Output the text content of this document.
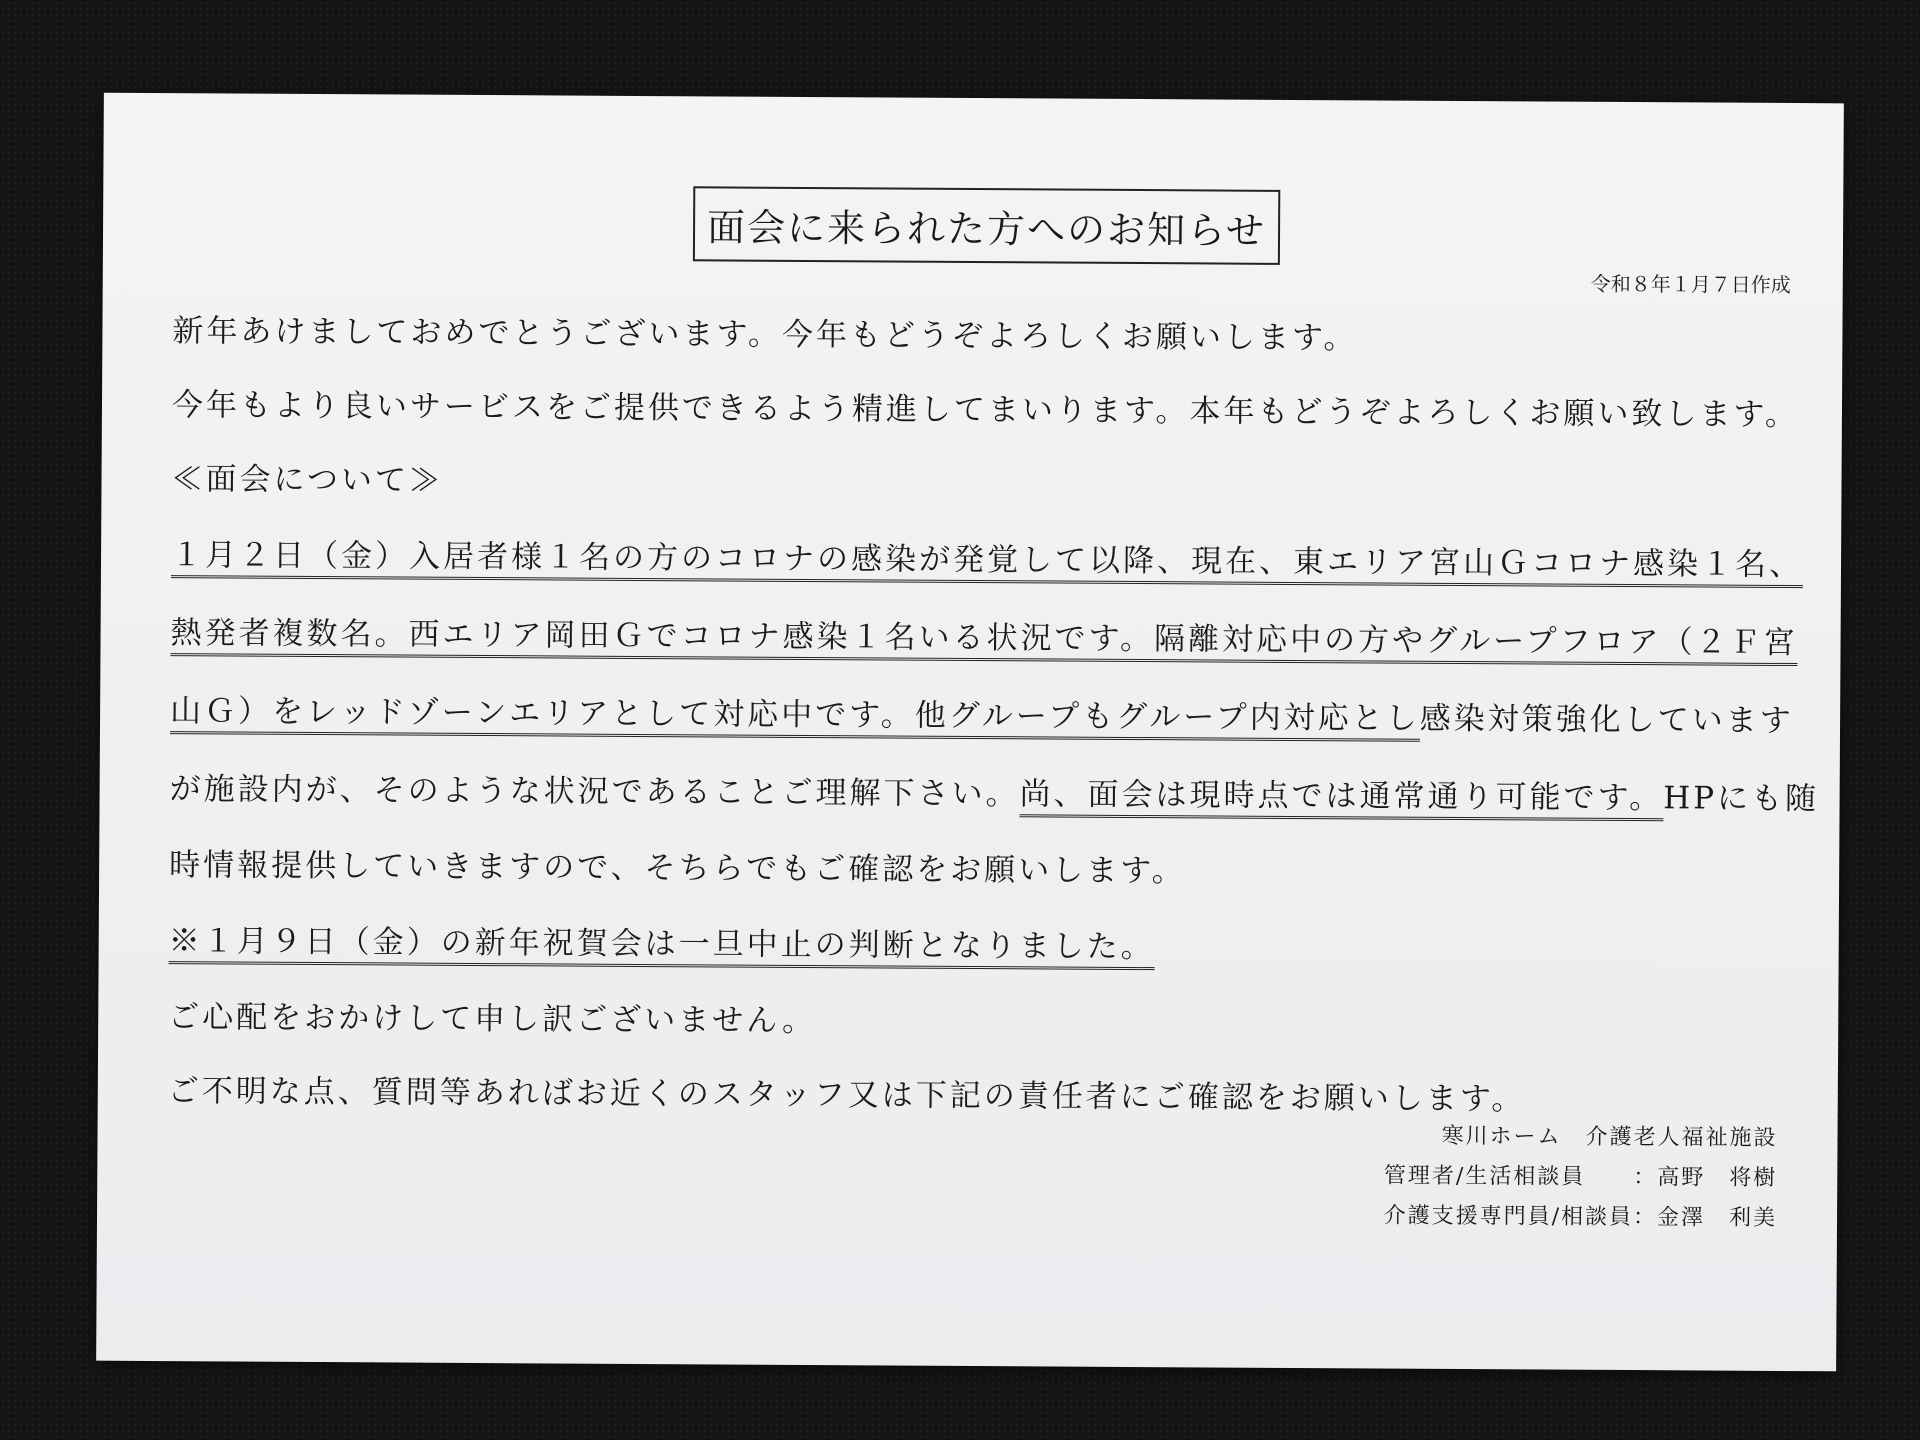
面会に来られた方へのお知らせ
令和８年１月７日作成
新年あけましておめでとうございます。今年もどうぞよろしくお願いします。
今年もより良いサービスをご提供できるよう精進してまいります。本年もどうぞよろしくお願い致します。
≪面会について≫
１月２日（金）入居者様１名の方のコロナの感染が発覚して以降、現在、東エリア宮山Ｇコロナ感染１名、
熱発者複数名。西エリア岡田Ｇでコロナ感染１名いる状況です。隔離対応中の方やグループフロア（２Ｆ宮
山Ｇ）をレッドゾーンエリアとして対応中です。他グループもグループ内対応とし感染対策強化しています
が施設内が、そのような状況であることご理解下さい。尚、面会は現時点では通常通り可能です。HPにも随
時情報提供していきますので、そちらでもご確認をお願いします。
※１月９日（金）の新年祝賀会は一旦中止の判断となりました。
ご心配をおかけして申し訳ございません。
ご不明な点、質問等あればお近くのスタッフ又は下記の責任者にご確認をお願いします。
寒川ホーム　介護老人福祉施設
管理者/生活相談員　　：高野　将樹
介護支援専門員/相談員：金澤　利美
